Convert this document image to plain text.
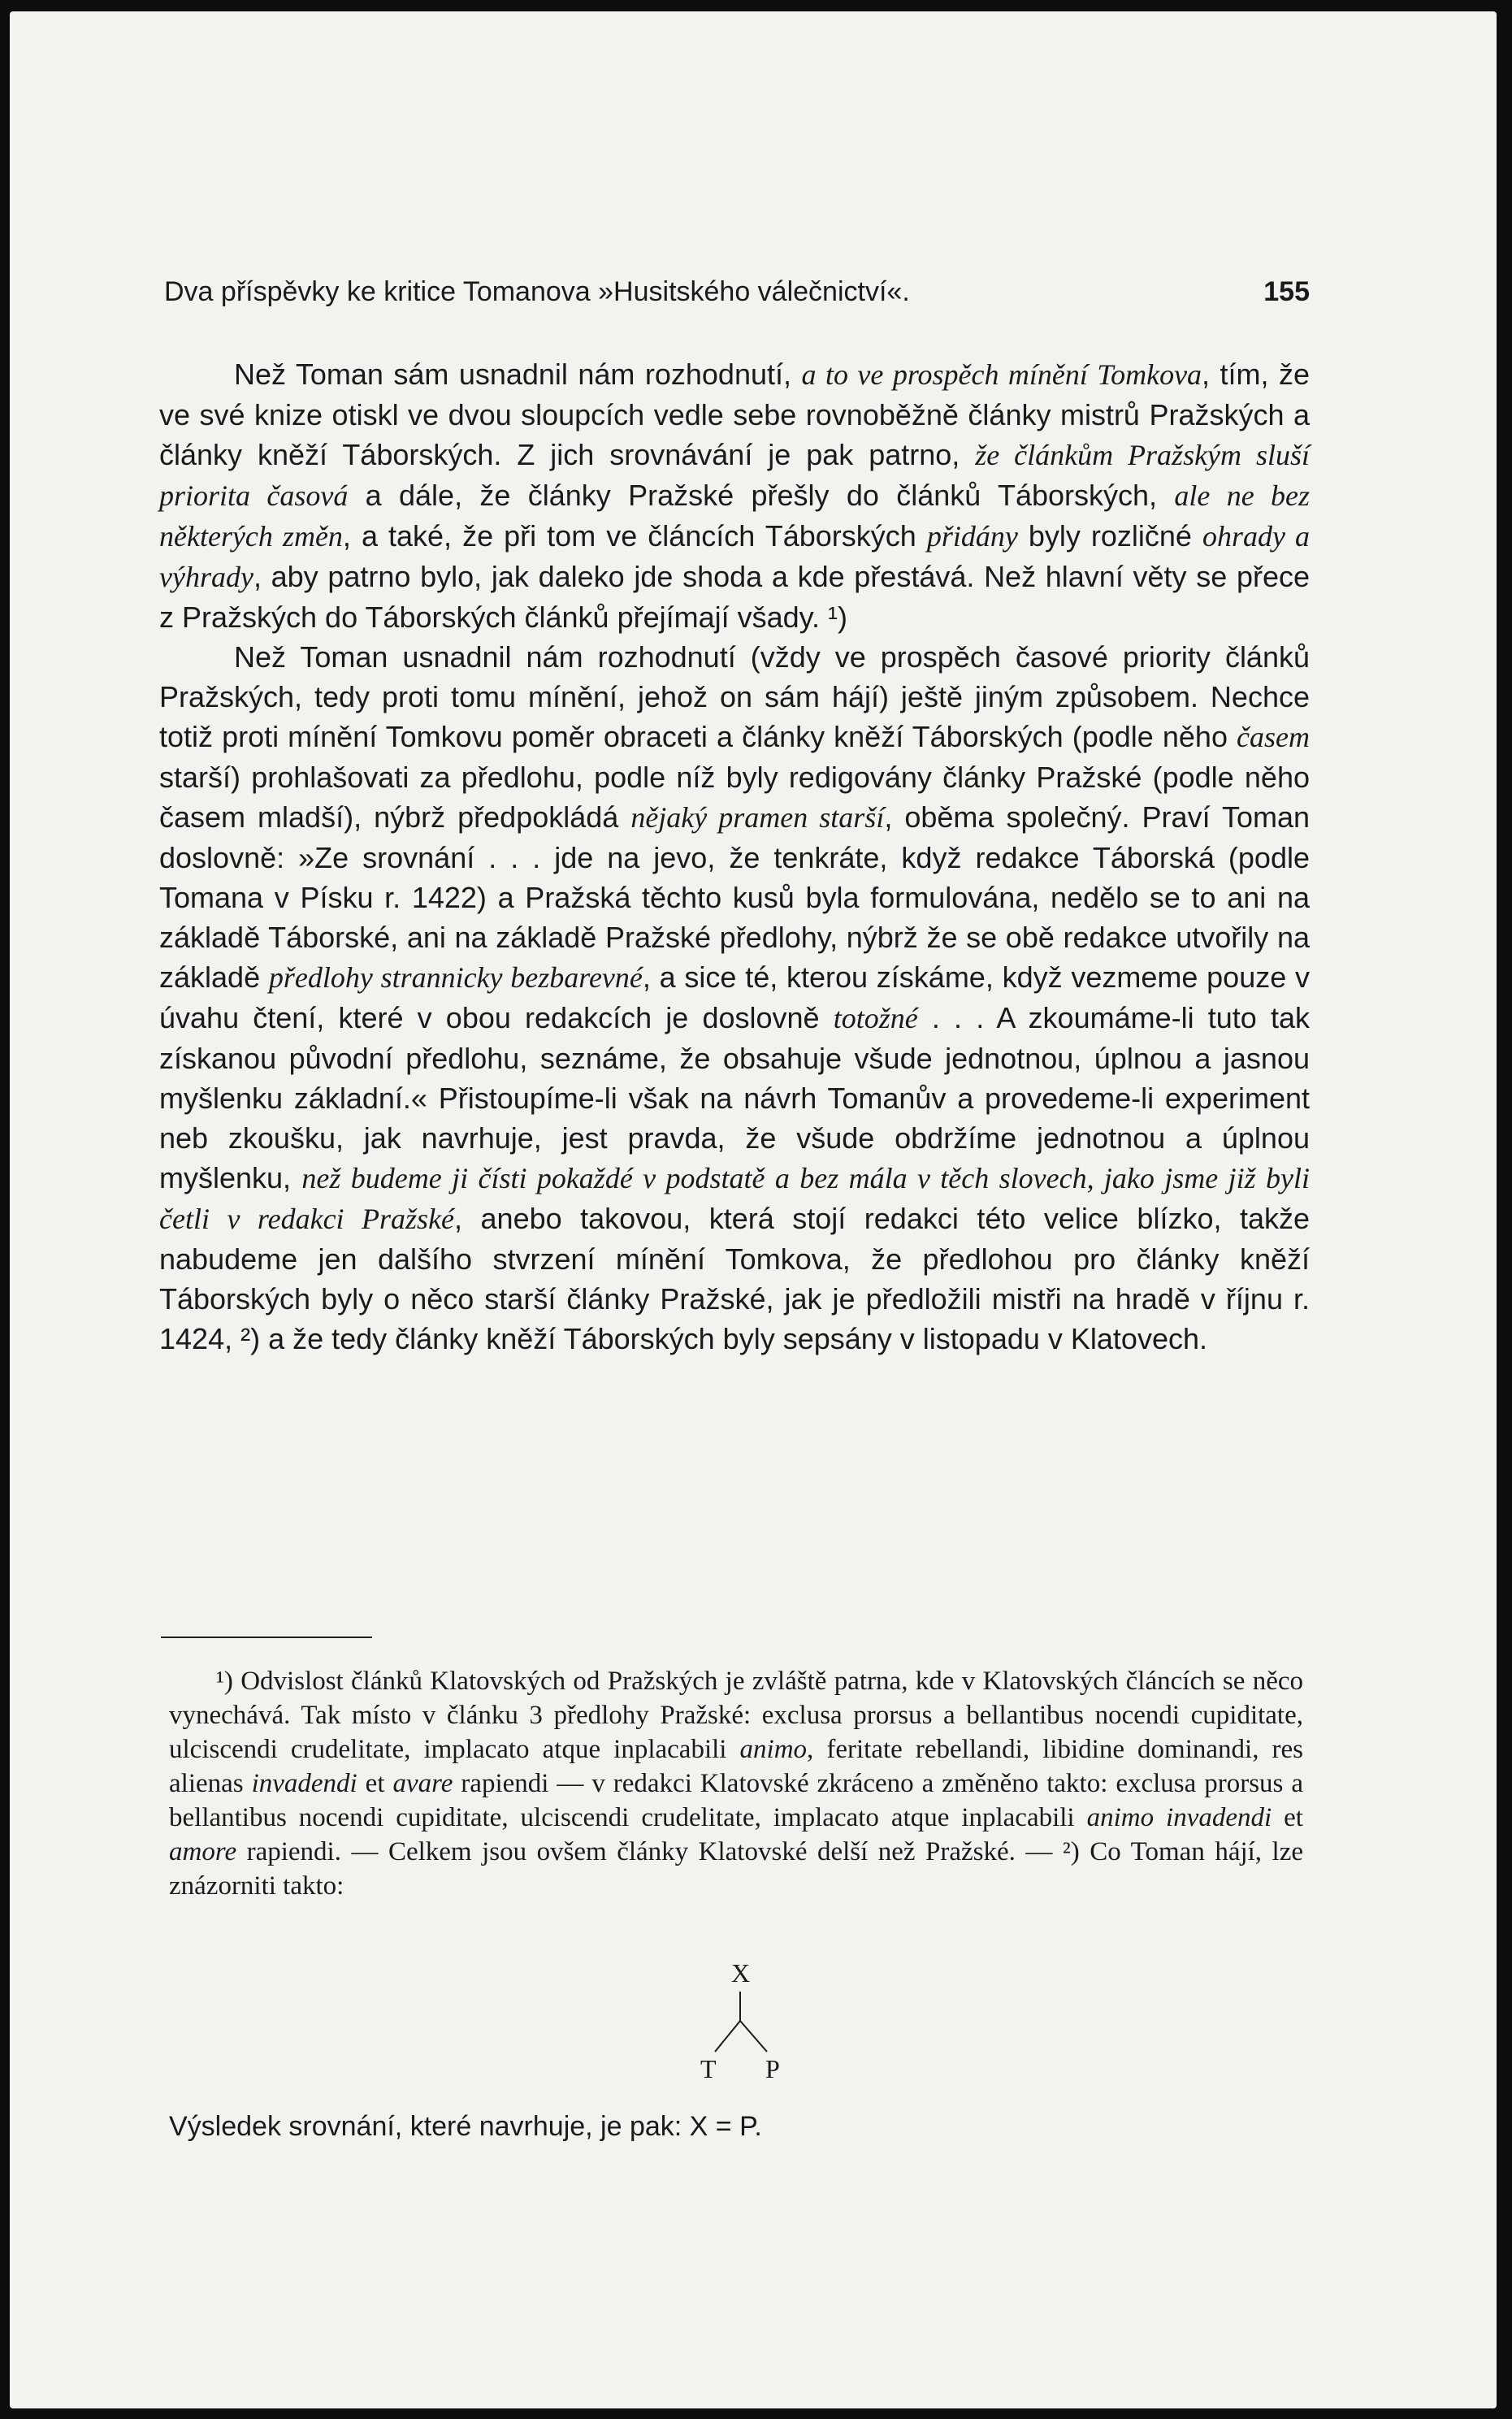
Dva příspěvky ke kritice Tomanova »Husitského válečnictví«.	155

Než Toman sám usnadnil nám rozhodnutí, a to ve prospěch mínění Tomkova, tím, že ve své knize otiskl ve dvou sloupcích vedle sebe rovnoběžně články mistrů Pražských a články kněží Táborských. Z jich srovnávání je pak patrno, že článkům Pražským sluší priorita časová a dále, že články Pražské přešly do článků Táborských, ale ne bez některých změn, a také, že při tom ve článcích Táborských přidány byly rozličné ohrady a výhrady, aby patrno bylo, jak daleko jde shoda a kde přestává. Než hlavní věty se přece z Pražských do Táborských článků přejímají všady. ¹)

Než Toman usnadnil nám rozhodnutí (vždy ve prospěch časové priority článků Pražských, tedy proti tomu mínění, jehož on sám hájí) ještě jiným způsobem. Nechce totiž proti mínění Tomkovu poměr obraceti a články kněží Táborských (podle něho časem starší) prohlašovati za předlohu, podle níž byly redigovány články Pražské (podle něho časem mladší), nýbrž předpokládá nějaký pramen starší, oběma společný. Praví Toman doslovně: »Ze srovnání . . . jde na jevo, že tenkráte, když redakce Táborská (podle Tomana v Písku r. 1422) a Pražská těchto kusů byla formulována, nedělo se to ani na základě Táborské, ani na základě Pražské předlohy, nýbrž že se obě redakce utvořily na základě předlohy strannicky bezbarevné, a sice té, kterou získáme, když vezmeme pouze v úvahu čtení, které v obou redakcích je doslovně totožné . . . A zkoumáme-li tuto tak získanou původní předlohu, seznáme, že obsahuje všude jednotnou, úplnou a jasnou myšlenku základní.« Přistoupíme-li však na návrh Tomanův a provedeme-li experiment neb zkoušku, jak navrhuje, jest pravda, že všude obdržíme jednotnou a úplnou myšlenku, než budeme ji čísti pokaždé v podstatě a bez mála v těch slovech, jako jsme již byli četli v redakci Pražské, anebo takovou, která stojí redakci této velice blízko, takže nabudeme jen dalšího stvrzení mínění Tomkova, že předlohou pro články kněží Táborských byly o něco starší články Pražské, jak je předložili mistři na hradě v říjnu r. 1424, ²) a že tedy články kněží Táborských byly sepsány v listopadu v Klatovech.

¹) Odvislost článků Klatovských od Pražských je zvláště patrna, kde v Klatovských článcích se něco vynechává. Tak místo v článku 3 předlohy Pražské: exclusa prorsus a bellantibus nocendi cupiditate, ulciscendi crudelitate, implacato atque inplacabili animo, feritate rebellandi, libidine dominandi, res alienas invadendi et avare rapiendi — v redakci Klatovské zkráceno a změněno takto: exclusa prorsus a bellantibus nocendi cupiditate, ulciscendi crudelitate, implacato atque inplacabili animo invadendi et amore rapiendi. — Celkem jsou ovšem články Klatovské delší než Pražské. — ²) Co Toman hájí, lze znázorniti takto:

X
T P
Výsledek srovnání, které navrhuje, je pak: X = P.
